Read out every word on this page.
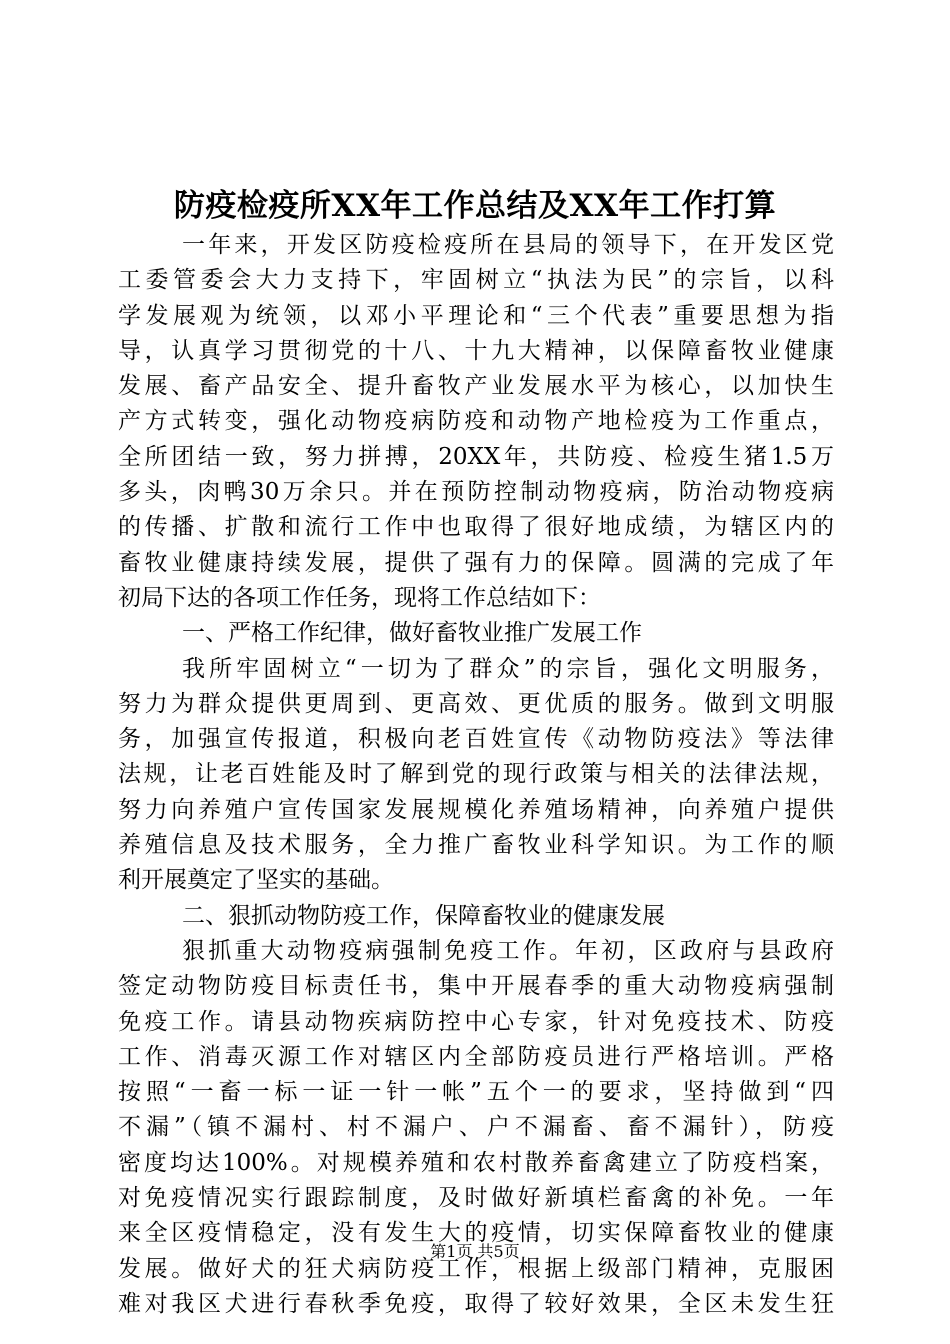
防疫检疫所XX年工作总结及XX年工作打算
一年来，开发区防疫检疫所在县局的领导下，在开发区党
工委管委会大力支持下，牢固树立“执法为民”的宗旨，以科
学发展观为统领，以邓小平理论和“三个代表”重要思想为指
导，认真学习贯彻党的十八、十九大精神，以保障畜牧业健康
发展、畜产品安全、提升畜牧产业发展水平为核心，以加快生
产方式转变，强化动物疫病防疫和动物产地检疫为工作重点，
全所团结一致，努力拼搏，20XX年，共防疫、检疫生猪1.5万
多头，肉鸭30万余只。并在预防控制动物疫病，防治动物疫病
的传播、扩散和流行工作中也取得了很好地成绩，为辖区内的
畜牧业健康持续发展，提供了强有力的保障。圆满的完成了年
初局下达的各项工作任务，现将工作总结如下：
一、严格工作纪律，做好畜牧业推广发展工作
我所牢固树立“一切为了群众”的宗旨，强化文明服务，
努力为群众提供更周到、更高效、更优质的服务。做到文明服
务，加强宣传报道，积极向老百姓宣传《动物防疫法》等法律
法规，让老百姓能及时了解到党的现行政策与相关的法律法规，
努力向养殖户宣传国家发展规模化养殖场精神，向养殖户提供
养殖信息及技术服务，全力推广畜牧业科学知识。为工作的顺
利开展奠定了坚实的基础。
二、狠抓动物防疫工作，保障畜牧业的健康发展
狠抓重大动物疫病强制免疫工作。年初，区政府与县政府
签定动物防疫目标责任书，集中开展春季的重大动物疫病强制
免疫工作。请县动物疾病防控中心专家，针对免疫技术、防疫
工作、消毒灭源工作对辖区内全部防疫员进行严格培训。严格
按照“一畜一标一证一针一帐”五个一的要求，坚持做到“四
不漏”（镇不漏村、村不漏户、户不漏畜、畜不漏针），防疫
密度均达100%。对规模养殖和农村散养畜禽建立了防疫档案，
对免疫情况实行跟踪制度，及时做好新填栏畜禽的补免。一年
来全区疫情稳定，没有发生大的疫情，切实保障畜牧业的健康
发展。做好犬的狂犬病防疫工作，根据上级部门精神，克服困
难对我区犬进行春秋季免疫，取得了较好效果，全区未发生狂
第1页 共5页
